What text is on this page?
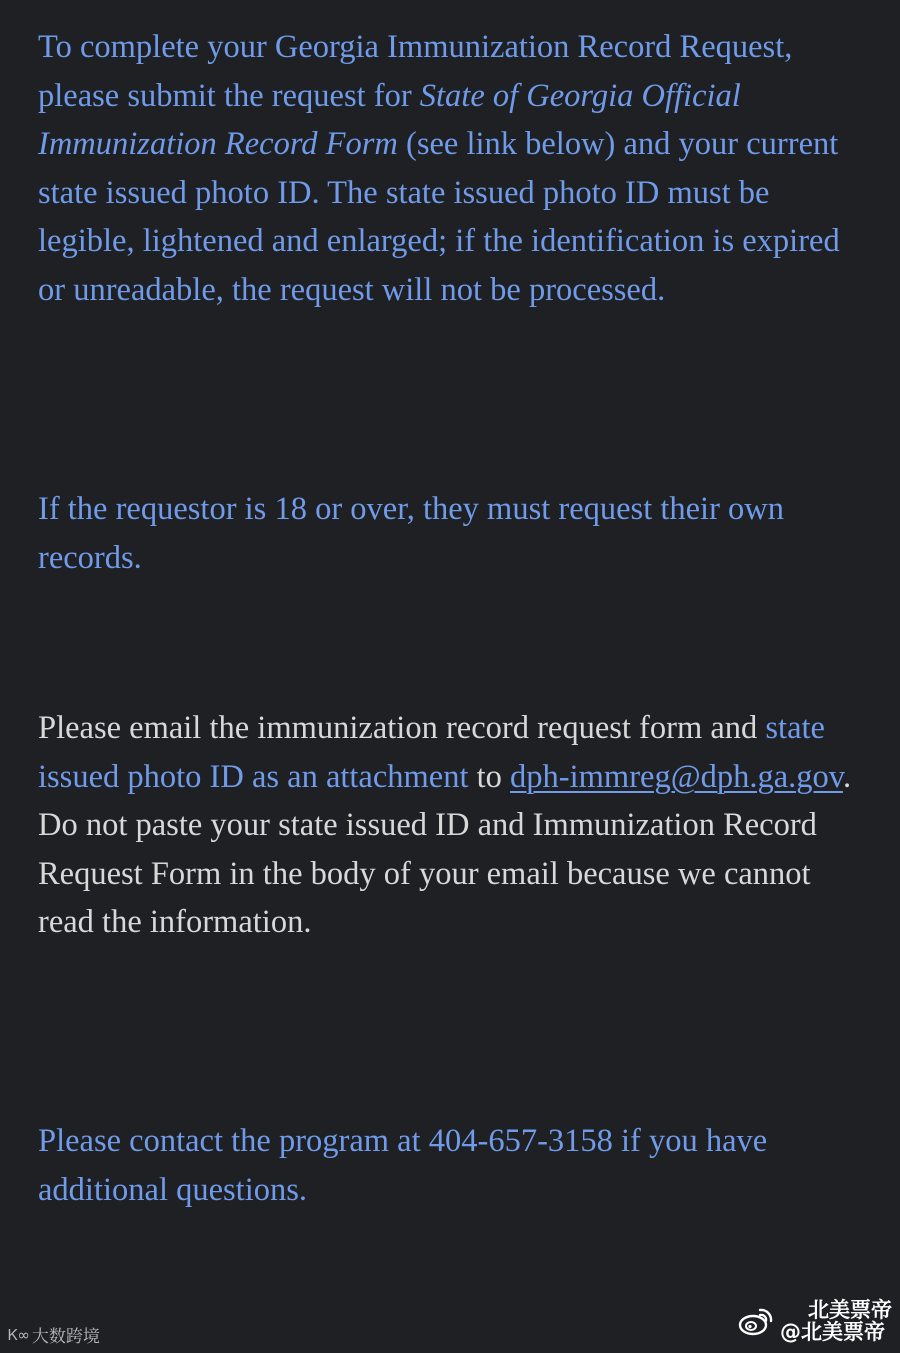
To complete your Georgia Immunization Record Request, please submit the request for State of Georgia Official Immunization Record Form (see link below) and your current state issued photo ID. The state issued photo ID must be legible, lightened and enlarged; if the identification is expired or unreadable, the request will not be processed.

If the requestor is 18 or over, they must request their own records.

Please email the immunization record request form and state issued photo ID as an attachment to dph-immreg@dph.ga.gov. Do not paste your state issued ID and Immunization Record Request Form in the body of your email because we cannot read the information.

Please contact the program at 404-657-3158 if you have additional questions.

Ꮶ∞ 大数跨境
北美票帝
@北美票帝
